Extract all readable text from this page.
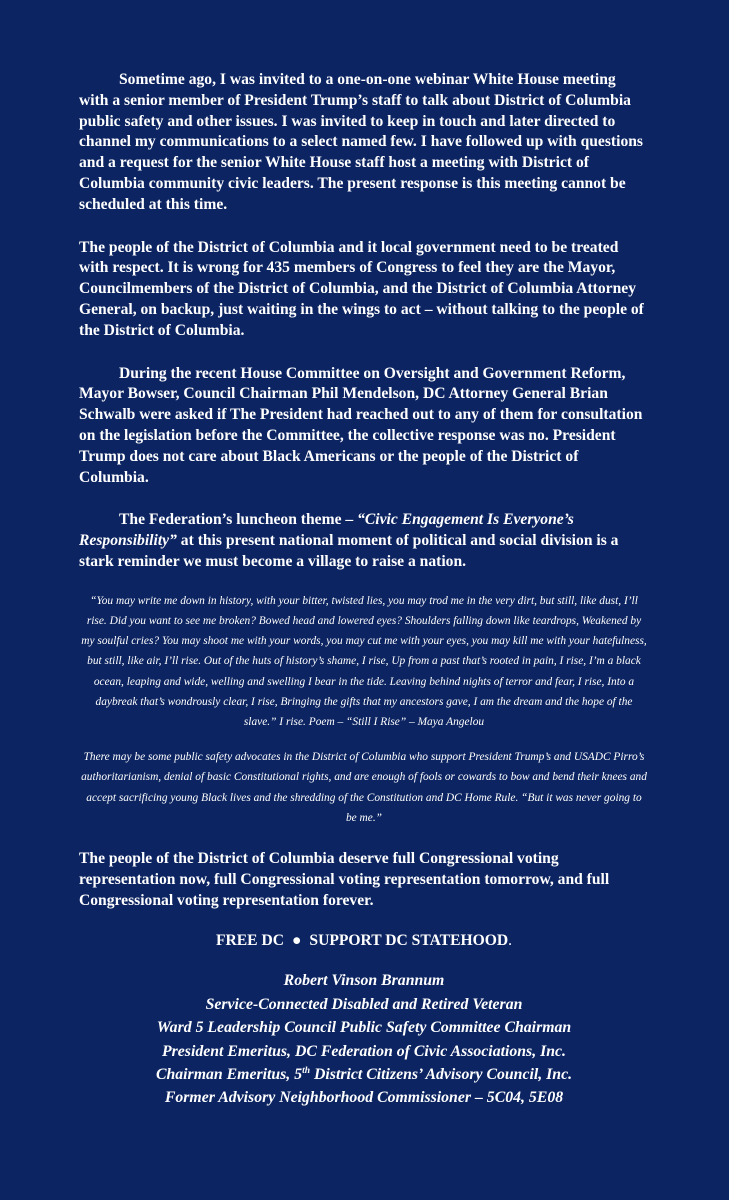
Sometime ago, I was invited to a one-on-one webinar White House meeting with a senior member of President Trump’s staff to talk about District of Columbia public safety and other issues. I was invited to keep in touch and later directed to channel my communications to a select named few. I have followed up with questions and a request for the senior White House staff host a meeting with District of Columbia community civic leaders. The present response is this meeting cannot be scheduled at this time.

The people of the District of Columbia and it local government need to be treated with respect. It is wrong for 435 members of Congress to feel they are the Mayor, Councilmembers of the District of Columbia, and the District of Columbia Attorney General, on backup, just waiting in the wings to act – without talking to the people of the District of Columbia.

During the recent House Committee on Oversight and Government Reform, Mayor Bowser, Council Chairman Phil Mendelson, DC Attorney General Brian Schwalb were asked if The President had reached out to any of them for consultation on the legislation before the Committee, the collective response was no. President Trump does not care about Black Americans or the people of the District of Columbia.

The Federation’s luncheon theme – “Civic Engagement Is Everyone’s Responsibility” at this present national moment of political and social division is a stark reminder we must become a village to raise a nation.

“You may write me down in history, with your bitter, twisted lies, you may trod me in the very dirt, but still, like dust, I’ll rise. Did you want to see me broken? Bowed head and lowered eyes? Shoulders falling down like teardrops, Weakened by my soulful cries? You may shoot me with your words, you may cut me with your eyes, you may kill me with your hatefulness, but still, like air, I’ll rise. Out of the huts of history’s shame, I rise, Up from a past that’s rooted in pain, I rise, I’m a black ocean, leaping and wide, welling and swelling I bear in the tide. Leaving behind nights of terror and fear, I rise, Into a daybreak that’s wondrously clear, I rise, Bringing the gifts that my ancestors gave, I am the dream and the hope of the slave.” I rise. Poem – “Still I Rise” – Maya Angelou

There may be some public safety advocates in the District of Columbia who support President Trump’s and USADC Pirro’s authoritarianism, denial of basic Constitutional rights, and are enough of fools or cowards to bow and bend their knees and accept sacrificing young Black lives and the shredding of the Constitution and DC Home Rule. “But it was never going to be me.”

The people of the District of Columbia deserve full Congressional voting representation now, full Congressional voting representation tomorrow, and full Congressional voting representation forever.

FREE DC ● SUPPORT DC STATEHOOD.

Robert Vinson Brannum
Service-Connected Disabled and Retired Veteran
Ward 5 Leadership Council Public Safety Committee Chairman
President Emeritus, DC Federation of Civic Associations, Inc.
Chairman Emeritus, 5th District Citizens’ Advisory Council, Inc.
Former Advisory Neighborhood Commissioner – 5C04, 5E08
